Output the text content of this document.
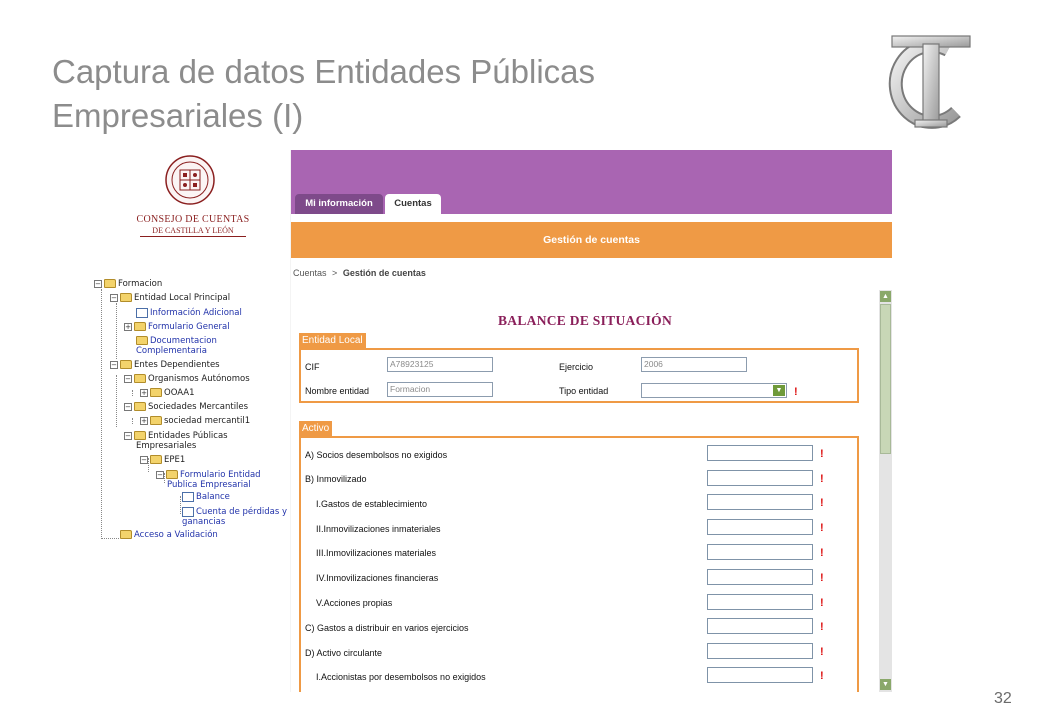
Captura de datos Entidades Públicas
Empresariales (I)
CONSEJO DE CUENTAS
DE CASTILLA Y LEÓN
− Formacion
− Entidad Local Principal
Información Adicional
+ Formulario General
Documentacion
Complementaria
− Entes Dependientes
− Organismos Autónomos
+ OOAA1
− Sociedades Mercantiles
+ sociedad mercantil1
− Entidades Públicas
Empresariales
− EPE1
− Formulario Entidad
Publica Empresarial
Balance
Cuenta de pérdidas y
ganancias
Acceso a Validación
Mi información	Cuentas
Gestión de cuentas
Cuentas > Gestión de cuentas
BALANCE DE SITUACIÓN
Entidad Local
CIF	A78923125	Ejercicio	2006
Nombre entidad	Formacion	Tipo entidad	▼ !
Activo
A) Socios desembolsos no exigidos	!
B) Inmovilizado	!
I.Gastos de establecimiento	!
II.Inmovilizaciones inmateriales	!
III.Inmovilizaciones materiales	!
IV.Inmovilizaciones financieras	!
V.Acciones propias	!
C) Gastos a distribuir en varios ejercicios	!
D) Activo circulante	!
I.Accionistas por desembolsos no exigidos	!
▲
▼
32
